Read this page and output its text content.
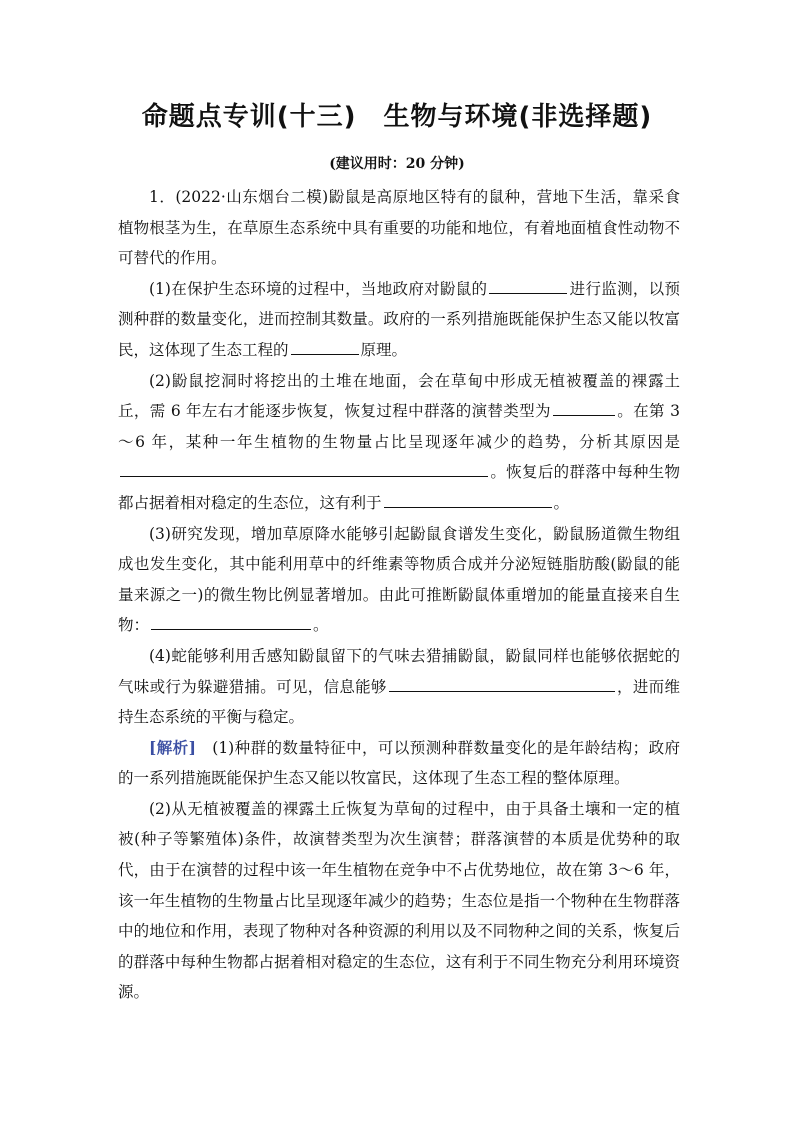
命题点专训(十三)　生物与环境(非选择题)
(建议用时：20 分钟)

1．(2022·山东烟台二模)鼢鼠是高原地区特有的鼠种，营地下生活，靠采食植物根茎为生，在草原生态系统中具有重要的功能和地位，有着地面植食性动物不可替代的作用。

(1)在保护生态环境的过程中，当地政府对鼢鼠的	进行监测，以预测种群的数量变化，进而控制其数量。政府的一系列措施既能保护生态又能以牧富民，这体现了生态工程的	原理。

(2)鼢鼠挖洞时将挖出的土堆在地面，会在草甸中形成无植被覆盖的裸露土丘，需 6 年左右才能逐步恢复，恢复过程中群落的演替类型为	。在第 3～6 年，某种一年生植物的生物量占比呈现逐年减少的趋势，分析其原因是。恢复后的群落中每种生物都占据着相对稳定的生态位，这有利于	。

(3)研究发现，增加草原降水能够引起鼢鼠食谱发生变化，鼢鼠肠道微生物组成也发生变化，其中能利用草中的纤维素等物质合成并分泌短链脂肪酸(鼢鼠的能量来源之一)的微生物比例显著增加。由此可推断鼢鼠体重增加的能量直接来自生物：	。

(4)蛇能够利用舌感知鼢鼠留下的气味去猎捕鼢鼠，鼢鼠同样也能够依据蛇的气味或行为躲避猎捕。可见，信息能够	，进而维持生态系统的平衡与稳定。

[解析]　(1)种群的数量特征中，可以预测种群数量变化的是年龄结构；政府的一系列措施既能保护生态又能以牧富民，这体现了生态工程的整体原理。

(2)从无植被覆盖的裸露土丘恢复为草甸的过程中，由于具备土壤和一定的植被(种子等繁殖体)条件，故演替类型为次生演替；群落演替的本质是优势种的取代，由于在演替的过程中该一年生植物在竞争中不占优势地位，故在第 3～6 年，该一年生植物的生物量占比呈现逐年减少的趋势；生态位是指一个物种在生物群落中的地位和作用，表现了物种对各种资源的利用以及不同物种之间的关系，恢复后的群落中每种生物都占据着相对稳定的生态位，这有利于不同生物充分利用环境资源。
